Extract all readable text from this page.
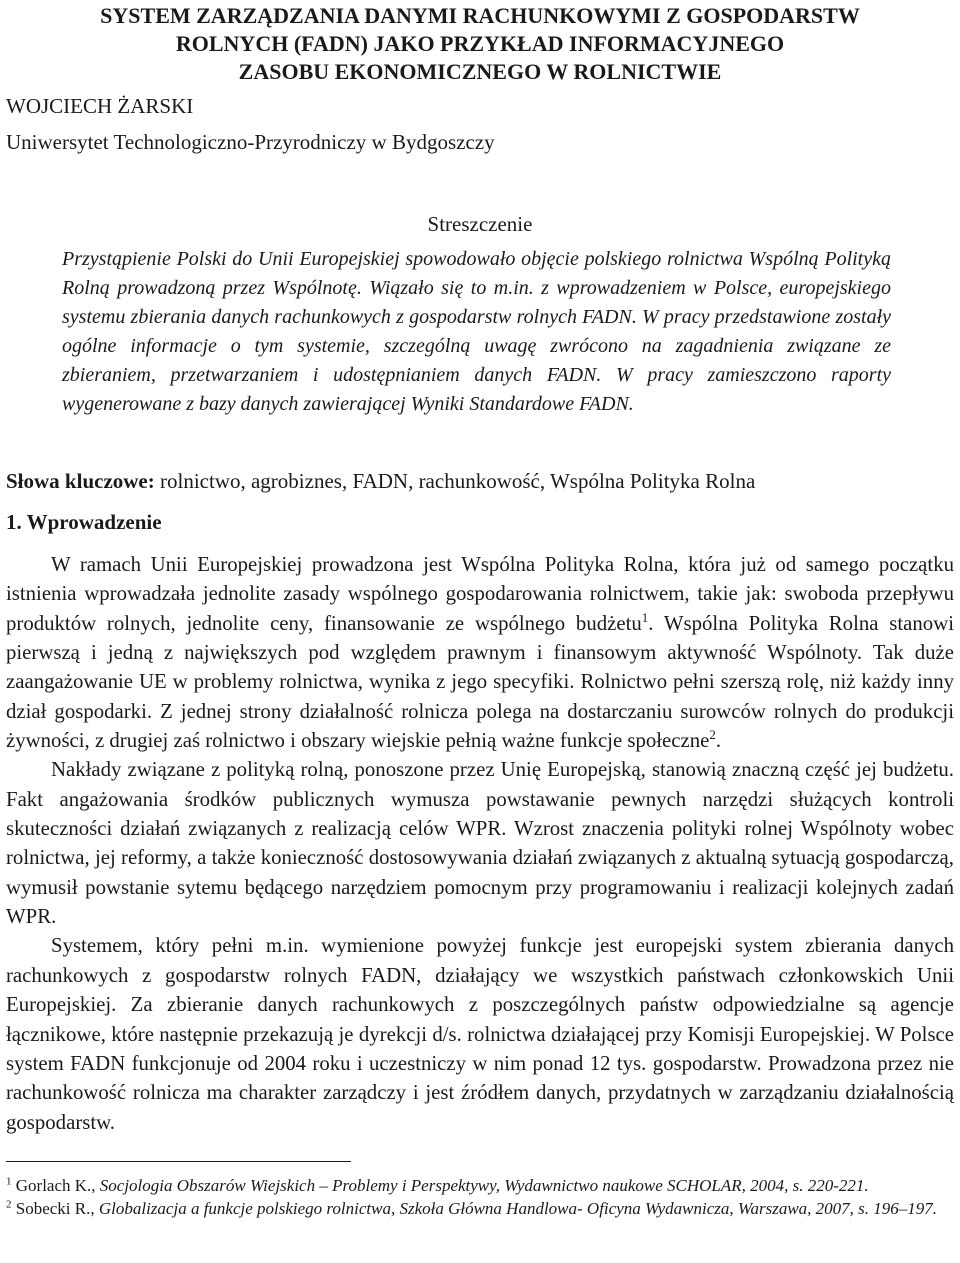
SYSTEM ZARZĄDZANIA DANYMI RACHUNKOWYMI Z GOSPODARSTW
ROLNYCH (FADN) JAKO PRZYKŁAD INFORMACYJNEGO
ZASOBU EKONOMICZNEGO W ROLNICTWIE
WOJCIECH ŻARSKI
Uniwersytet Technologiczno-Przyrodniczy w Bydgoszczy
Streszczenie
Przystąpienie Polski do Unii Europejskiej spowodowało objęcie polskiego rolnictwa Wspólną Polityką Rolną prowadzoną przez Wspólnotę. Wiązało się to m.in. z wprowadzeniem w Polsce, europejskiego systemu zbierania danych rachunkowych z gospodarstw rolnych FADN. W pracy przedstawione zostały ogólne informacje o tym systemie, szczególną uwagę zwrócono na zagadnienia związane ze zbieraniem, przetwarzaniem i udostępnianiem danych FADN. W pracy zamieszczono raporty wygenerowane z bazy danych zawierającej Wyniki Standardowe FADN.
Słowa kluczowe: rolnictwo, agrobiznes, FADN, rachunkowość, Wspólna Polityka Rolna
1. Wprowadzenie

W ramach Unii Europejskiej prowadzona jest Wspólna Polityka Rolna, która już od samego początku istnienia wprowadzała jednolite zasady wspólnego gospodarowania rolnictwem, takie jak: swoboda przepływu produktów rolnych, jednolite ceny, finansowanie ze wspólnego budżetu$^1$. Wspólna Polityka Rolna stanowi pierwszą i jedną z największych pod względem prawnym i finansowym aktywność Wspólnoty. Tak duże zaangażowanie UE w problemy rolnictwa, wynika z jego specyfiki. Rolnictwo pełni szerszą rolę, niż każdy inny dział gospodarki. Z jednej strony działalność rolnicza polega na dostarczaniu surowców rolnych do produkcji żywności, z drugiej zaś rolnictwo i obszary wiejskie pełnią ważne funkcje społeczne$^2$.

Nakłady związane z polityką rolną, ponoszone przez Unię Europejską, stanowią znaczną część jej budżetu. Fakt angażowania środków publicznych wymusza powstawanie pewnych narzędzi służących kontroli skuteczności działań związanych z realizacją celów WPR. Wzrost znaczenia polityki rolnej Wspólnoty wobec rolnictwa, jej reformy, a także konieczność dostosowywania działań związanych z aktualną sytuacją gospodarczą, wymusił powstanie sytemu będącego narzędziem pomocnym przy programowaniu i realizacji kolejnych zadań WPR.

Systemem, który pełni m.in. wymienione powyżej funkcje jest europejski system zbierania danych rachunkowych z gospodarstw rolnych FADN, działający we wszystkich państwach członkowskich Unii Europejskiej. Za zbieranie danych rachunkowych z poszczególnych państw odpowiedzialne są agencje łącznikowe, które następnie przekazują je dyrekcji d/s. rolnictwa działającej przy Komisji Europejskiej. W Polsce system FADN funkcjonuje od 2004 roku i uczestniczy w nim ponad 12 tys. gospodarstw. Prowadzona przez nie rachunkowość rolnicza ma charakter zarządczy i jest źródłem danych, przydatnych w zarządzaniu działalnością gospodarstw.

$^1$ Gorlach K., Socjologia Obszarów Wiejskich – Problemy i Perspektywy, Wydawnictwo naukowe SCHOLAR, 2004, s. 220-221.

$^2$ Sobecki R., Globalizacja a funkcje polskiego rolnictwa, Szkoła Główna Handlowa- Oficyna Wydawnicza, Warszawa, 2007, s. 196–197.
